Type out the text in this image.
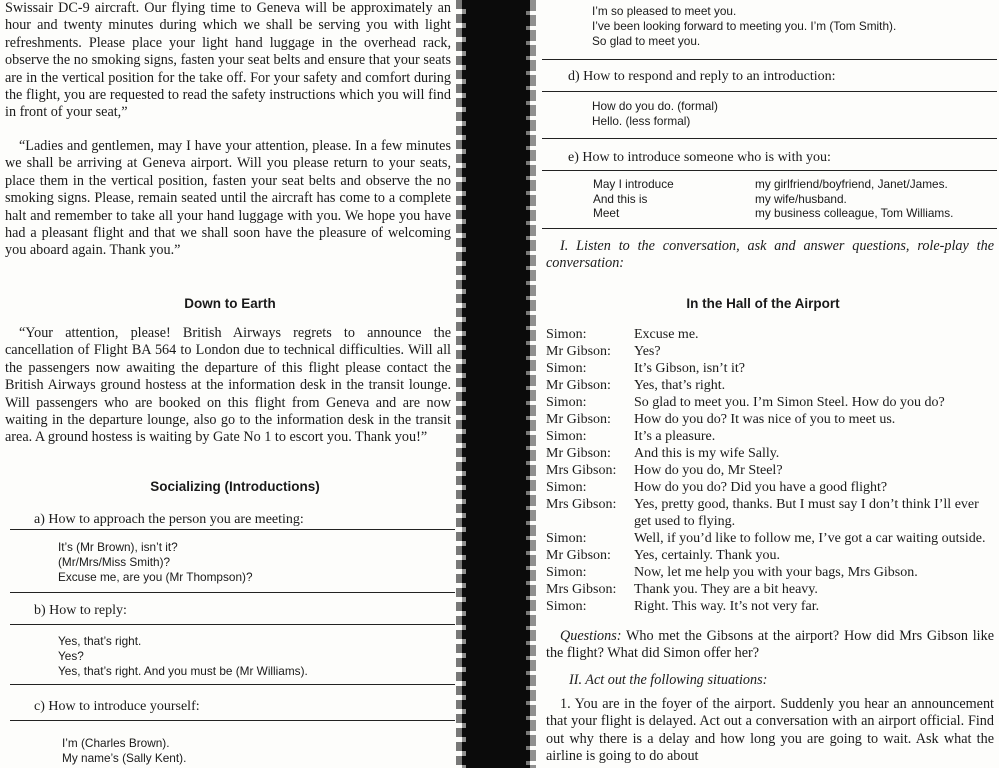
Swissair DC-9 aircraft. Our flying time to Geneva will be approximately an hour and twenty minutes during which we shall be serving you with light refreshments. Please place your light hand luggage in the overhead rack, observe the no smoking signs, fasten your seat belts and ensure that your seats are in the vertical position for the take off. For your safety and comfort during the flight, you are requested to read the safety instructions which you will find in front of your seat,”

“Ladies and gentlemen, may I have your attention, please. In a few minutes we shall be arriving at Geneva airport. Will you please return to your seats, place them in the vertical position, fasten your seat belts and observe the no smoking signs. Please, remain seated until the aircraft has come to a complete halt and remember to take all your hand luggage with you. We hope you have had a pleasant flight and that we shall soon have the pleasure of welcoming you aboard again. Thank you.”

Down to Earth

“Your attention, please! British Airways regrets to announce the cancellation of Flight BA 564 to London due to technical difficulties. Will all the passengers now awaiting the departure of this flight please contact the British Airways ground hostess at the information desk in the transit lounge. Will passengers who are booked on this flight from Geneva and are now waiting in the departure lounge, also go to the information desk in the transit area. A ground hostess is waiting by Gate No 1 to escort you. Thank you!”

Socializing (Introductions)
a) How to approach the person you are meeting:
It’s (Mr Brown), isn’t it?
(Mr/Mrs/Miss Smith)?
Excuse me, are you (Mr Thompson)?
b) How to reply:
Yes, that’s right.
Yes?
Yes, that’s right. And you must be (Mr Williams).
c) How to introduce yourself:
I’m (Charles Brown).
My name’s (Sally Kent).
I’m so pleased to meet you.
I’ve been looking forward to meeting you. I’m (Tom Smith).
So glad to meet you.
d) How to respond and reply to an introduction:
How do you do. (formal)
Hello. (less formal)
e) How to introduce someone who is with you:
May I introduce	my girlfriend/boyfriend, Janet/James.
And this is	my wife/husband.
Meet	my business colleague, Tom Williams.

I. Listen to the conversation, ask and answer questions, role-play the conversation:

In the Hall of the Airport
Simon:	Excuse me.
Mr Gibson:	Yes?
Simon:	It’s Gibson, isn’t it?
Mr Gibson:	Yes, that’s right.
Simon:	So glad to meet you. I’m Simon Steel. How do you do?
Mr Gibson:	How do you do? It was nice of you to meet us.
Simon:	It’s a pleasure.
Mr Gibson:	And this is my wife Sally.
Mrs Gibson:	How do you do, Mr Steel?
Simon:	How do you do? Did you have a good flight?
Mrs Gibson:	Yes, pretty good, thanks. But I must say I don’t think I’ll ever get used to flying.
Simon:	Well, if you’d like to follow me, I’ve got a car waiting outside.
Mr Gibson:	Yes, certainly. Thank you.
Simon:	Now, let me help you with your bags, Mrs Gibson.
Mrs Gibson:	Thank you. They are a bit heavy.
Simon:	Right. This way. It’s not very far.

Questions: Who met the Gibsons at the airport? How did Mrs Gibson like the flight? What did Simon offer her?

II. Act out the following situations:

1. You are in the foyer of the airport. Suddenly you hear an announcement that your flight is delayed. Act out a conversation with an airport official. Find out why there is a delay and how long you are going to wait. Ask what the airline is going to do about
